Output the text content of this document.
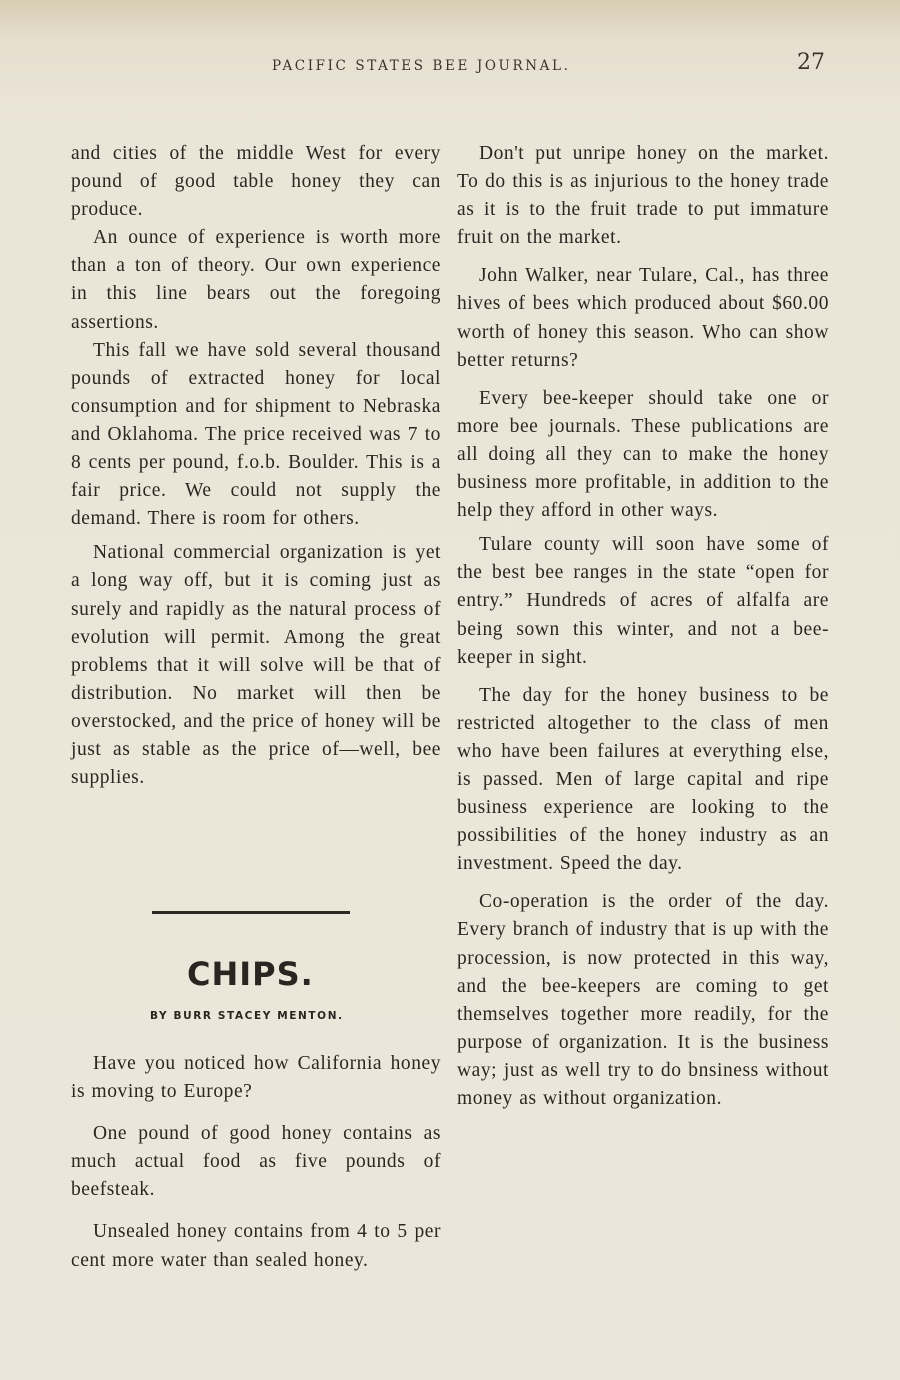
PACIFIC STATES BEE JOURNAL.	27

and cities of the middle West for every pound of good table honey they can produce.

An ounce of experience is worth more than a ton of theory. Our own experience in this line bears out the foregoing assertions.

This fall we have sold several thousand pounds of extracted honey for local consumption and for shipment to Nebraska and Oklahoma. The price received was 7 to 8 cents per pound, f.o.b. Boulder. This is a fair price. We could not supply the demand. There is room for others.

National commercial organization is yet a long way off, but it is coming just as surely and rapidly as the natural process of evolution will permit. Among the great problems that it will solve will be that of distribution. No market will then be overstocked, and the price of honey will be just as stable as the price of—well, bee supplies.

CHIPS.
BY BURR STACEY MENTON.

Have you noticed how California honey is moving to Europe?

One pound of good honey contains as much actual food as five pounds of beefsteak.

Unsealed honey contains from 4 to 5 per cent more water than sealed honey.

Don't put unripe honey on the market. To do this is as injurious to the honey trade as it is to the fruit trade to put immature fruit on the market.

John Walker, near Tulare, Cal., has three hives of bees which produced about $60.00 worth of honey this season. Who can show better returns?

Every bee-keeper should take one or more bee journals. These publications are all doing all they can to make the honey business more profitable, in addition to the help they afford in other ways.

Tulare county will soon have some of the best bee ranges in the state “open for entry.” Hundreds of acres of alfalfa are being sown this winter, and not a bee-keeper in sight.

The day for the honey business to be restricted altogether to the class of men who have been failures at everything else, is passed. Men of large capital and ripe business experience are looking to the possibilities of the honey industry as an investment. Speed the day.

Co-operation is the order of the day. Every branch of industry that is up with the procession, is now protected in this way, and the bee-keepers are coming to get themselves together more readily, for the purpose of organization. It is the business way; just as well try to do bnsiness without money as without organization.
